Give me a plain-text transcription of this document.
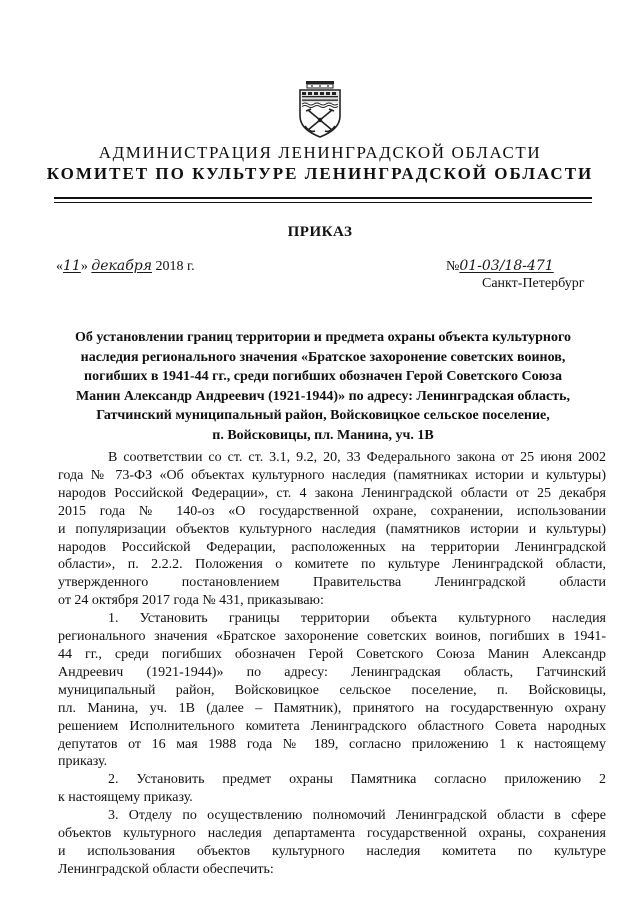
АДМИНИСТРАЦИЯ ЛЕНИНГРАДСКОЙ ОБЛАСТИ
КОМИТЕТ ПО КУЛЬТУРЕ ЛЕНИНГРАДСКОЙ ОБЛАСТИ
ПРИКАЗ
«11» декабря 2018 г.	№01-03/18-471
Санкт-Петербург
Об установлении границ территории и предмета охраны объекта культурного
наследия регионального значения «Братское захоронение советских воинов,
погибших в 1941-44 гг., среди погибших обозначен Герой Советского Союза
Манин Александр Андреевич (1921-1944)» по адресу: Ленинградская область,
Гатчинский муниципальный район, Войсковицкое сельское поселение,
п. Войсковицы, пл. Манина, уч. 1В
В соответствии со ст. ст. 3.1, 9.2, 20, 33 Федерального закона от 25 июня 2002
года № 73-ФЗ «Об объектах культурного наследия (памятниках истории и культуры)
народов Российской Федерации», ст. 4 закона Ленинградской области от 25 декабря
2015 года № 140-оз «О государственной охране, сохранении, использовании
и популяризации объектов культурного наследия (памятников истории и культуры)
народов Российской Федерации, расположенных на территории Ленинградской
области», п. 2.2.2. Положения о комитете по культуре Ленинградской области,
утвержденного постановлением Правительства Ленинградской области
от 24 октября 2017 года № 431, приказываю:
1. Установить границы территории объекта культурного наследия
регионального значения «Братское захоронение советских воинов, погибших в 1941-
44 гг., среди погибших обозначен Герой Советского Союза Манин Александр
Андреевич (1921-1944)» по адресу: Ленинградская область, Гатчинский
муниципальный район, Войсковицкое сельское поселение, п. Войсковицы,
пл. Манина, уч. 1В (далее – Памятник), принятого на государственную охрану
решением Исполнительного комитета Ленинградского областного Совета народных
депутатов от 16 мая 1988 года № 189, согласно приложению 1 к настоящему
приказу.
2. Установить предмет охраны Памятника согласно приложению 2
к настоящему приказу.
3. Отделу по осуществлению полномочий Ленинградской области в сфере
объектов культурного наследия департамента государственной охраны, сохранения
и использования объектов культурного наследия комитета по культуре
Ленинградской области обеспечить:
